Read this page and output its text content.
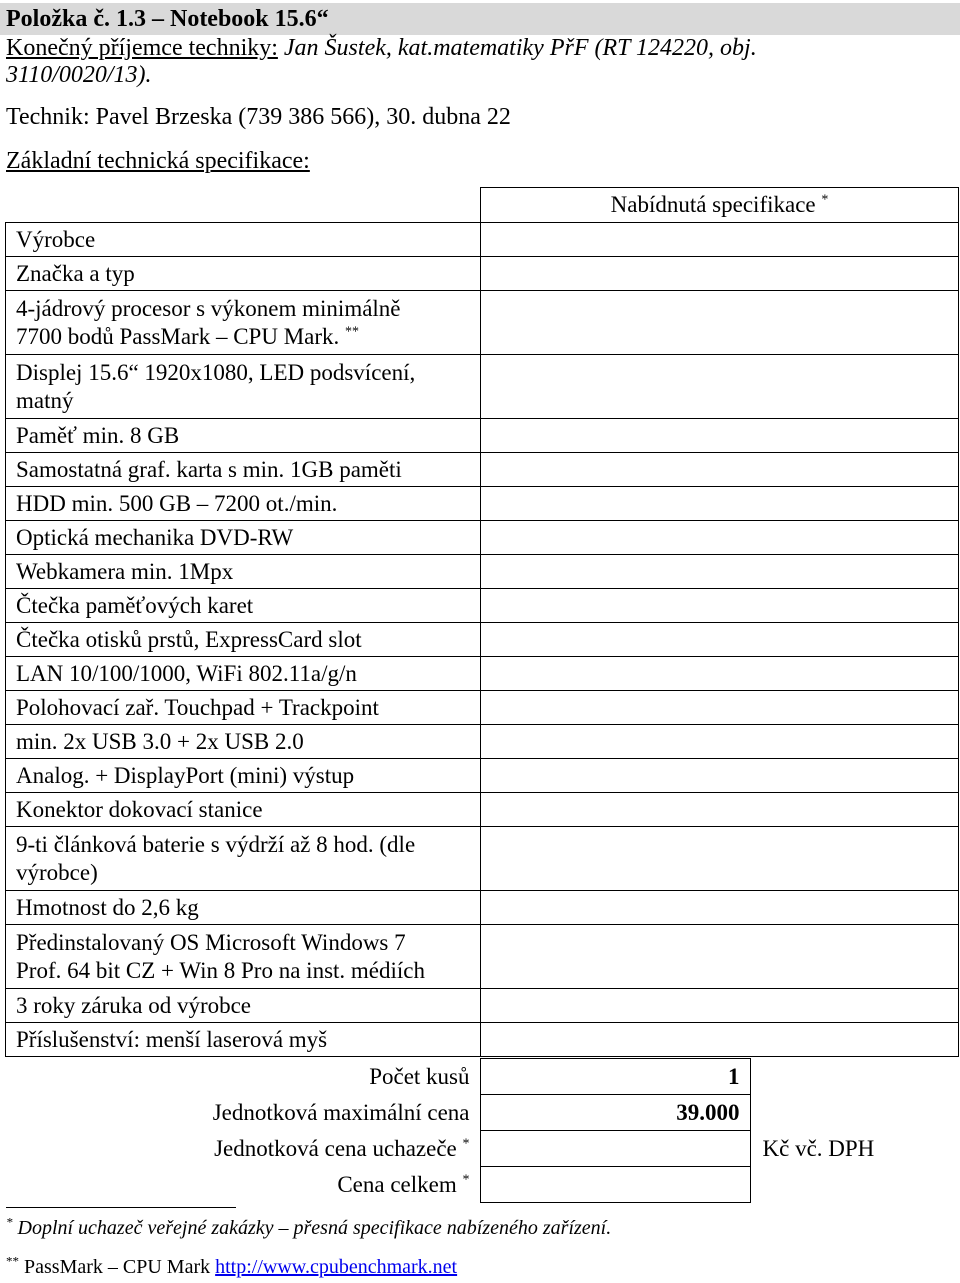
Položka č. 1.3 – Notebook 15.6“
Konečný příjemce techniky: Jan Šustek, kat.matematiky PřF (RT 124220, obj.
3110/0020/13).
Technik: Pavel Brzeska (739 386 566), 30. dubna 22
Základní technická specifikace:
	Nabídnutá specifikace *

Výrobce	

Značka a typ	

4-jádrový procesor s výkonem minimálně
7700 bodů PassMark – CPU Mark. **

Displej 15.6“ 1920x1080, LED podsvícení,
matný	

Paměť min. 8 GB	

Samostatná graf. karta s min. 1GB paměti	

HDD min. 500 GB – 7200 ot./min.	

Optická mechanika DVD-RW	

Webkamera min. 1Mpx	

Čtečka paměťových karet	

Čtečka otisků prstů, ExpressCard slot	

LAN 10/100/1000, WiFi 802.11a/g/n	

Polohovací zař. Touchpad + Trackpoint	

min. 2x USB 3.0 + 2x USB 2.0	

Analog. + DisplayPort (mini) výstup	

Konektor dokovací stanice	

9-ti článková baterie s výdrží až 8 hod. (dle
výrobce)	

Hmotnost do 2,6 kg	

Předinstalovaný OS Microsoft Windows 7
Prof. 64 bit CZ + Win 8 Pro na inst. médiích	

3 roky záruka od výrobce	

Příslušenství: menší laserová myš	

Počet kusů	1	
Jednotková maximální cena	39.000	
Jednotková cena uchazeče *		Kč vč. DPH
Cena celkem *		
* Doplní uchazeč veřejné zakázky – přesná specifikace nabízeného zařízení.
** PassMark – CPU Mark http://www.cpubenchmark.net
